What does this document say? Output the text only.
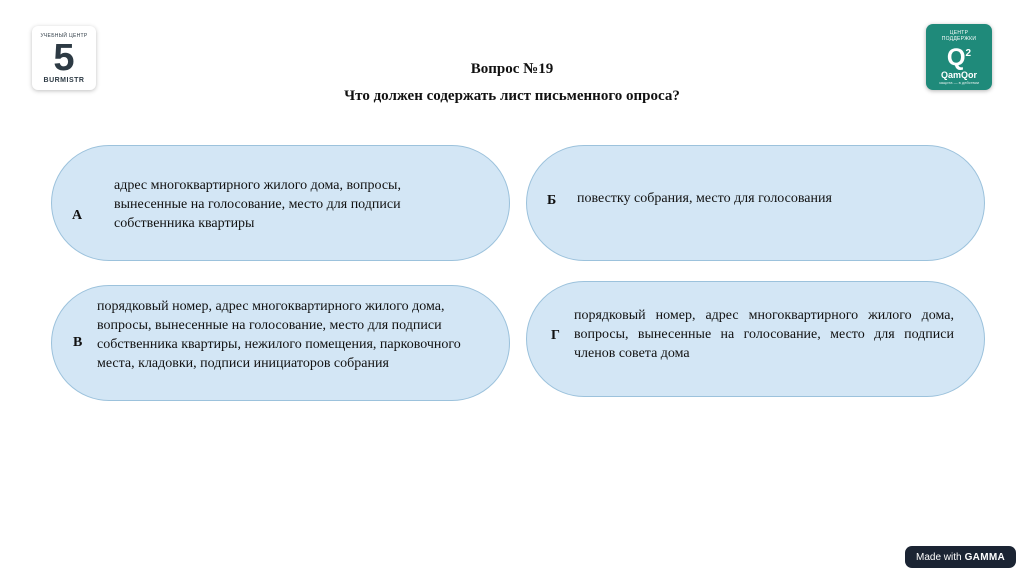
УЧЕБНЫЙ ЦЕНТР
5
BURMISTR
ЦЕНТР
ПОДДЕРЖКИ
$Q^2$
QamQor
защита — в действии
Вопрос №19
Что должен содержать лист письменного опроса?
А
адрес многоквартирного жилого дома, вопросы, вынесенные на голосование, место для подписи собственника квартиры
Б повестку собрания, место для голосования
В
порядковый номер, адрес многоквартирного жилого дома, вопросы, вынесенные на голосование, место для подписи собственника квартиры, нежилого помещения, парковочного места, кладовки, подписи инициаторов собрания
Г
порядковый номер, адрес многоквартирного жилого дома, вопросы, вынесенные на голосование, место для подписи членов совета дома
Made with GAMMA
